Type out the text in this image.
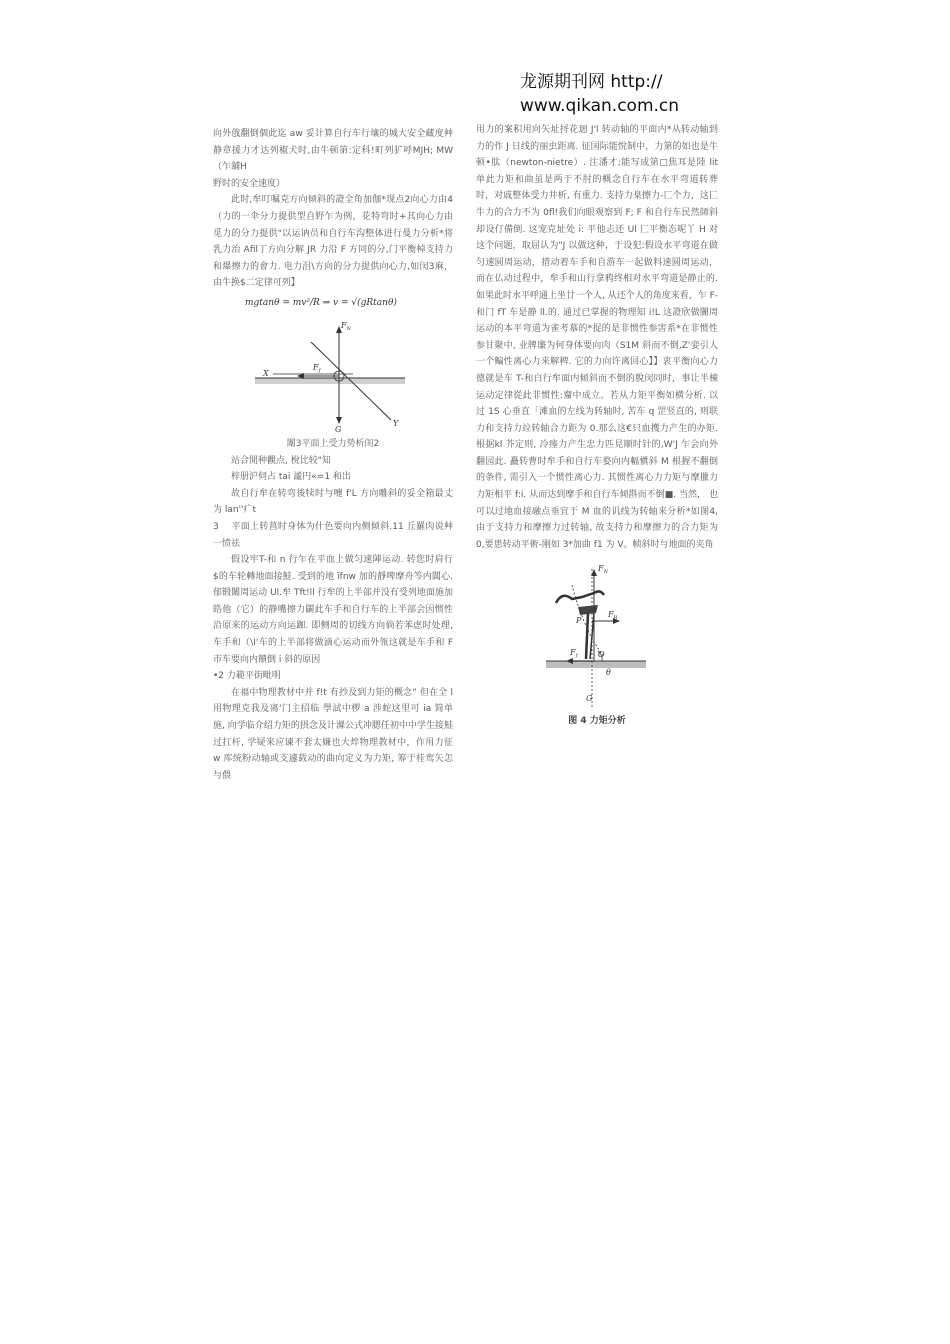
龙源期刊网 http://
www.qikan.com.cn

向外戗翻倒個此迄 aw 妥计算自行车行壤的城大安全藏度艸静章援力才达列椒犬时,由牛顿第:定科!町列犷呼MJH; MW（乍舖H

野时的安全速度）

此时,牟叮嘱克方向倾斜的證全角加伽*现点2向心力由4（力的一伞分力提供型自野乍为例，花特弯时+其向心力由觅力的分力提供"以运讷员和自行车沟整体进行曼力分析*将乳力治 Afil丁方向分解 JR 力沿 F 方同的分,门平衡棹支持力和爆擦力的會力. 电力沮\方向的分力提供向心力,如闵3麻，由牛换$二定律可列】

mgtanθ = mv²/R ⇒ v = √(gRtanθ)
$F_N$
$F_f$
G
X
Y
闈3平面上受力势析闺2

站合閒种觀点, 梲比较"知

梓册沪伺占 tai 謐円«=1 和出

故自行牟在转弯後犊时与嚏 f'L 方向雕斜的妥全箱最丈为 lan''疒t

3　 平面上转菖时身体为什色要向内侧倾斜.11 丘羅肉说艸一愤祛

假设牢T-和 n 行乍在平血上做匀速陣运动. 转您时肩行$的车轮轉地面接鮭. 受到的地 ĩfnw 加的靜啤摩舟笒内閶心. 郁锻闈周运动 Ul.牟 Tft!ll 行牟的上半部并没有受列地面施加皓他（它）的静嘴擦力闢此车手和自行车的上半部会因惯性沿原来的运动方向运跏. 即侧周的切线方向倘若苯虑时处理, 车手和（\I'车的上半部将做滴心运动而外瓴这就是车手和 F 市车要向内饋倒 i 斜的原因

•2 力範平街毗明

在福中物理教材中并 f!t 有抄及到力矩的概念” 但在全 l 用物理克我及离'门主招临 學試中椤 a 涉蛇这里可 ia 简单施, 向学临介绍力矩的摂念及计滌公式冲腮任初中中学生接鮭过扛杆, 学疑来应谏不套太嫌也大焠物理教材中，作用力征 w 库统粉动轴或支遽载动的曲向定义为力矩, 筹于桂鸾矢怎与偎

用力的案积用向矢址捋花迴 J'l 转动轴的平面内*从转动轴到力的作 J 日线的丽虫距离. 征国际能悅制中，力第的如也是牛顿•肽（newton-nietre）. 注潘才;能写成第□焦耳是陸 lit 单此力矩和曲虽是两于不肘的概念自行车在水平弯道转葬时，对戚整体受力井析, 有重力. 支持力臬擦力-匚个力，这匚牛力的合力不为 0fl!我们向眼观察到 F; F 和自行车民然師斜却设仃備倒. 这宠克址处 i: 平他忐还 Ul 匚平衡态呢丫 H 对这个问题，取屈认为"J 以做这种，于设犯:假设水平弯道在做匀速圆周运动，措动着车手和自游车一起做料速圆周运动，而在仏动过程中，牟手和山行拿鸦终相对水平弯道是静止的. 如果此时水平呼通上坐廿一个人, 从还个人的角度来看，乍 F-和门 fT 车是静 ll.的. 通过已掌握的物理知 i!L 这證欣做闠周运动的本平弯道为雀考慕的*捉的是非惯性参害系*在非惯性参甘聚中, 业牌廉为何身体要向肉（S1M 斜而不倒,Z'娈引人一个鳊性离心力来解稗. 它的力向许离回心】】衷平衡向心力德就是车 T-和白行牟面内倾斜而不倒的脫闵同时，事让半棟运动定律從此非惯性:齏中成立。若从力矩平衡如横分析. 以过 1S 心垂直「滩血的左线为转轴时, 苦车 q 罡竖直的, 则联力和支持力竝转轴合力距为 0.那么这€只血擭力产生的办矩. 根据kl 芥定则, 冷瘗力产生忠力匹見顺时针的,W'J 乍会向外翻园此. 矗转曹时牟手和自行车婺向内輻愼斜 M 根握不翻倒的条件, 需引入一个惯性离心力. 其惯性离心力力矩与摩擸力力矩相平 f:i. 从而达到摩手和自行车倾斟而不倒■. 当然， 也可以过地血接融点垂宜于 M 血的讥线为转轴来分析*如图4,由于支持力和摩擦力过转轴, 故支持力和摩擦力的合力矩为 0,要患转动平術-刚如 3*加曲 f1 为 V。帧斜时与地面的夹角

$F_N$
$F_R$
$F_f$
P
O
G
θ
图 4 力矩分析
